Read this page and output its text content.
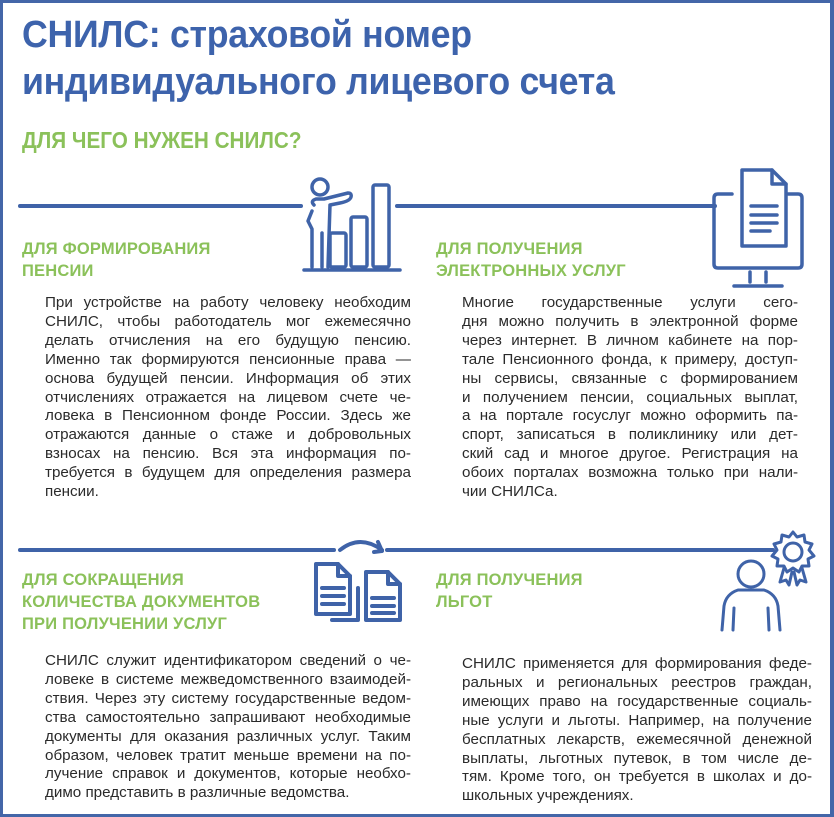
СНИЛС: страховой номер
индивидуального лицевого счета
ДЛЯ ЧЕГО НУЖЕН СНИЛС?
ДЛЯ ФОРМИРОВАНИЯ
ПЕНСИИ
При устройстве на работу человеку необходим
СНИЛС, чтобы работодатель мог ежемесячно
делать отчисления на его будущую пенсию.
Именно так формируются пенсионные права —
основа будущей пенсии. Информация об этих
отчислениях отражается на лицевом счете че-
ловека в Пенсионном фонде России. Здесь же
отражаются данные о стаже и добровольных
взносах на пенсию. Вся эта информация по-
требуется в будущем для определения размера
пенсии.
ДЛЯ ПОЛУЧЕНИЯ
ЭЛЕКТРОННЫХ УСЛУГ
Многие государственные услуги сего-
дня можно получить в электронной форме
через интернет. В личном кабинете на пор-
тале Пенсионного фонда, к примеру, доступ-
ны сервисы, связанные с формированием
и получением пенсии, социальных выплат,
а на портале госуслуг можно оформить па-
спорт, записаться в поликлинику или дет-
ский сад и многое другое. Регистрация на
обоих порталах возможна только при нали-
чии СНИЛСа.
ДЛЯ СОКРАЩЕНИЯ
КОЛИЧЕСТВА ДОКУМЕНТОВ
ПРИ ПОЛУЧЕНИИ УСЛУГ
СНИЛС служит идентификатором сведений о че-
ловеке в системе межведомственного взаимодей-
ствия. Через эту систему государственные ведом-
ства самостоятельно запрашивают необходимые
документы для оказания различных услуг. Таким
образом, человек тратит меньше времени на по-
лучение справок и документов, которые необхо-
димо представить в различные ведомства.
ДЛЯ ПОЛУЧЕНИЯ
ЛЬГОТ
СНИЛС применяется для формирования феде-
ральных и региональных реестров граждан,
имеющих право на государственные социаль-
ные услуги и льготы. Например, на получение
бесплатных лекарств, ежемесячной денежной
выплаты, льготных путевок, в том числе де-
тям. Кроме того, он требуется в школах и до-
школьных учреждениях.
